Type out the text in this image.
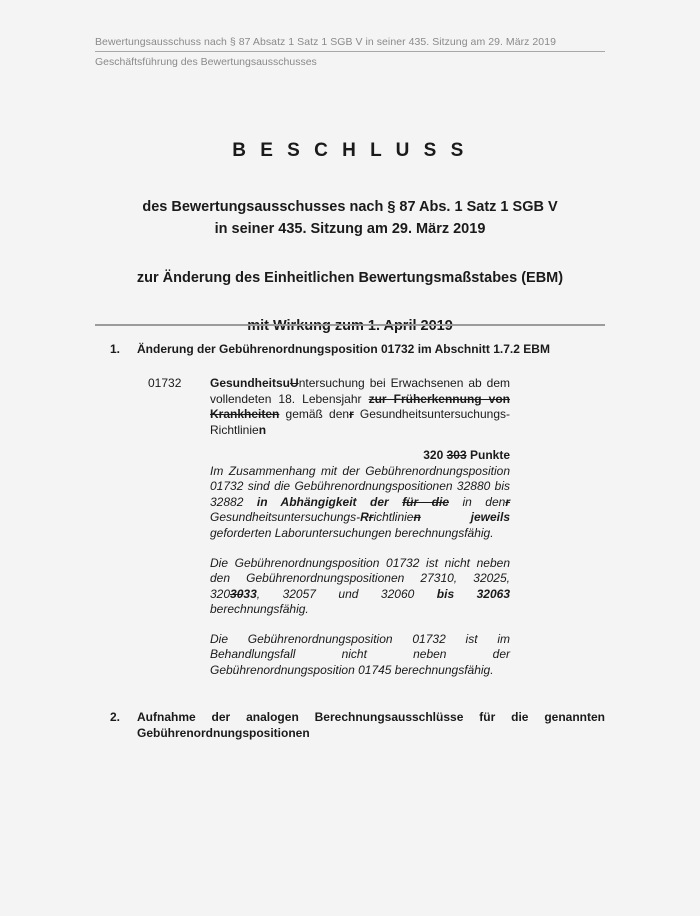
Bewertungsausschuss nach § 87 Absatz 1 Satz 1 SGB V in seiner 435. Sitzung am 29. März 2019
Geschäftsführung des Bewertungsausschusses
B E S C H L U S S
des Bewertungsausschusses nach § 87 Abs. 1 Satz 1 SGB V
in seiner 435. Sitzung am 29. März 2019
zur Änderung des Einheitlichen Bewertungsmaßstabes (EBM)
mit Wirkung zum 1. April 2019
1.	Änderung der Gebührenordnungsposition 01732 im Abschnitt 1.7.2 EBM
01732	GesundheitsuUntersuchung bei Erwachsenen ab dem vollendeten 18. Lebensjahr zur Früherkennung von Krankheiten gemäß denr Gesundheitsuntersuchungs-Richtlinien

320 303 Punkte

Im Zusammenhang mit der Gebührenordnungsposition 01732 sind die Gebührenordnungspositionen 32880 bis 32882 in Abhängigkeit der für die in denr Gesundheitsuntersuchungs-Rrichtlinien	jeweils geforderten Laboruntersuchungen berechnungsfähig.

Die Gebührenordnungsposition 01732 ist nicht neben den Gebührenordnungspositionen 27310, 32025, 3203033, 32057 und 32060 bis 32063 berechnungsfähig.

Die Gebührenordnungsposition 01732 ist im Behandlungsfall nicht neben der Gebührenordnungsposition 01745 berechnungsfähig.

2.	Aufnahme der analogen Berechnungsausschlüsse für die genannten Gebührenordnungspositionen
